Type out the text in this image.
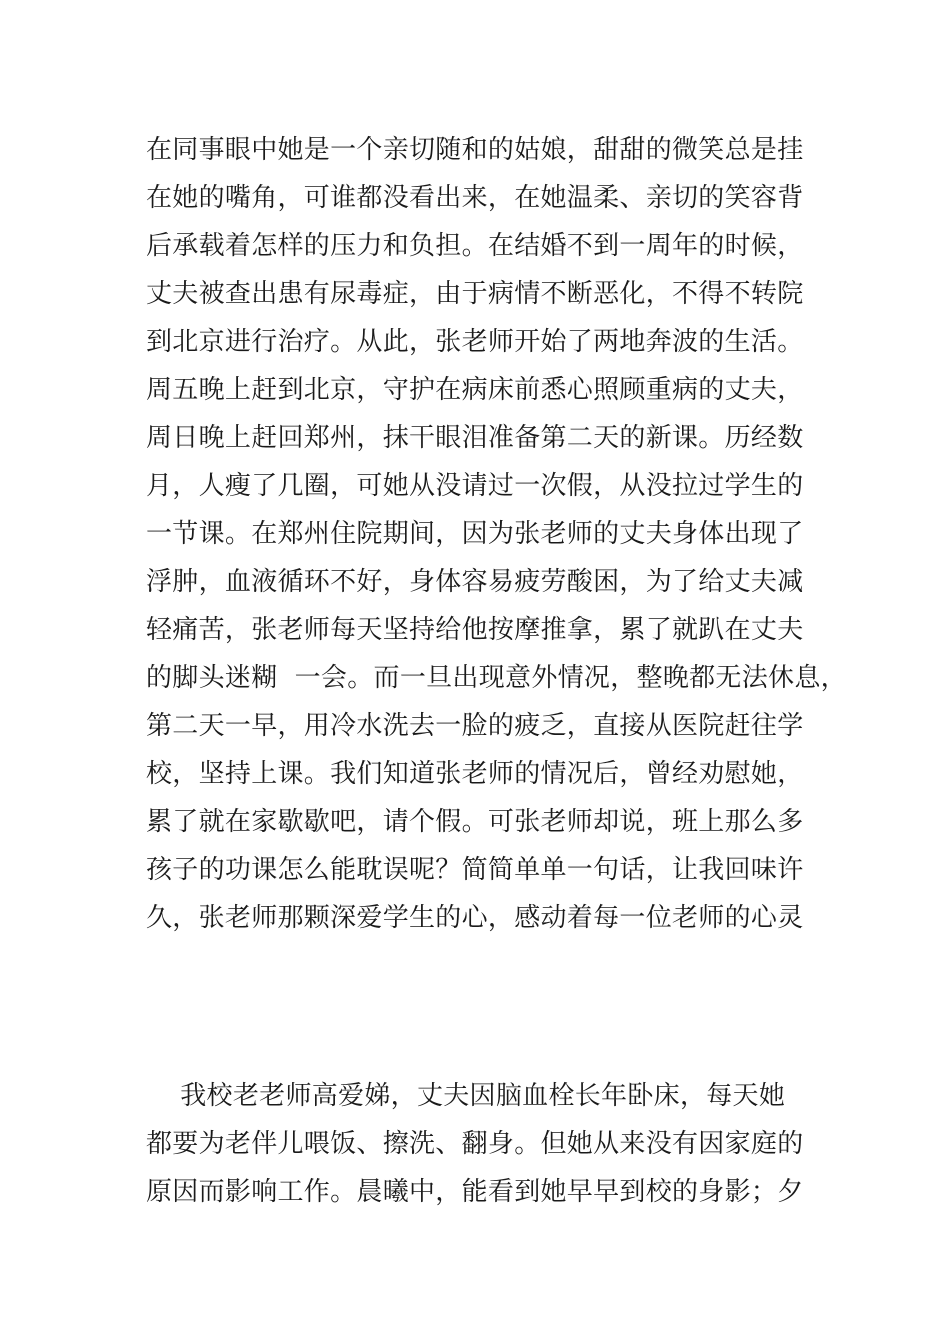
在同事眼中她是一个亲切随和的姑娘，甜甜的微笑总是挂
在她的嘴角，可谁都没看出来，在她温柔、亲切的笑容背
后承载着怎样的压力和负担。在结婚不到一周年的时候，
丈夫被查出患有尿毒症，由于病情不断恶化，不得不转院
到北京进行治疗。从此，张老师开始了两地奔波的生活。
周五晚上赶到北京，守护在病床前悉心照顾重病的丈夫，
周日晚上赶回郑州，抹干眼泪准备第二天的新课。历经数
月，人瘦了几圈，可她从没请过一次假，从没拉过学生的
一节课。在郑州住院期间，因为张老师的丈夫身体出现了
浮肿，血液循环不好，身体容易疲劳酸困，为了给丈夫减
轻痛苦，张老师每天坚持给他按摩推拿，累了就趴在丈夫
的脚头迷糊  一会。而一旦出现意外情况，整晚都无法休息，
第二天一早，用冷水洗去一脸的疲乏，直接从医院赶往学
校，坚持上课。我们知道张老师的情况后，曾经劝慰她，
累了就在家歇歇吧，请个假。可张老师却说，班上那么多
孩子的功课怎么能耽误呢？简简单单一句话，让我回味许
久，张老师那颗深爱学生的心，感动着每一位老师的心灵
我校老老师高爱娣，丈夫因脑血栓长年卧床，每天她
都要为老伴儿喂饭、擦洗、翻身。但她从来没有因家庭的
原因而影响工作。晨曦中，能看到她早早到校的身影；夕
